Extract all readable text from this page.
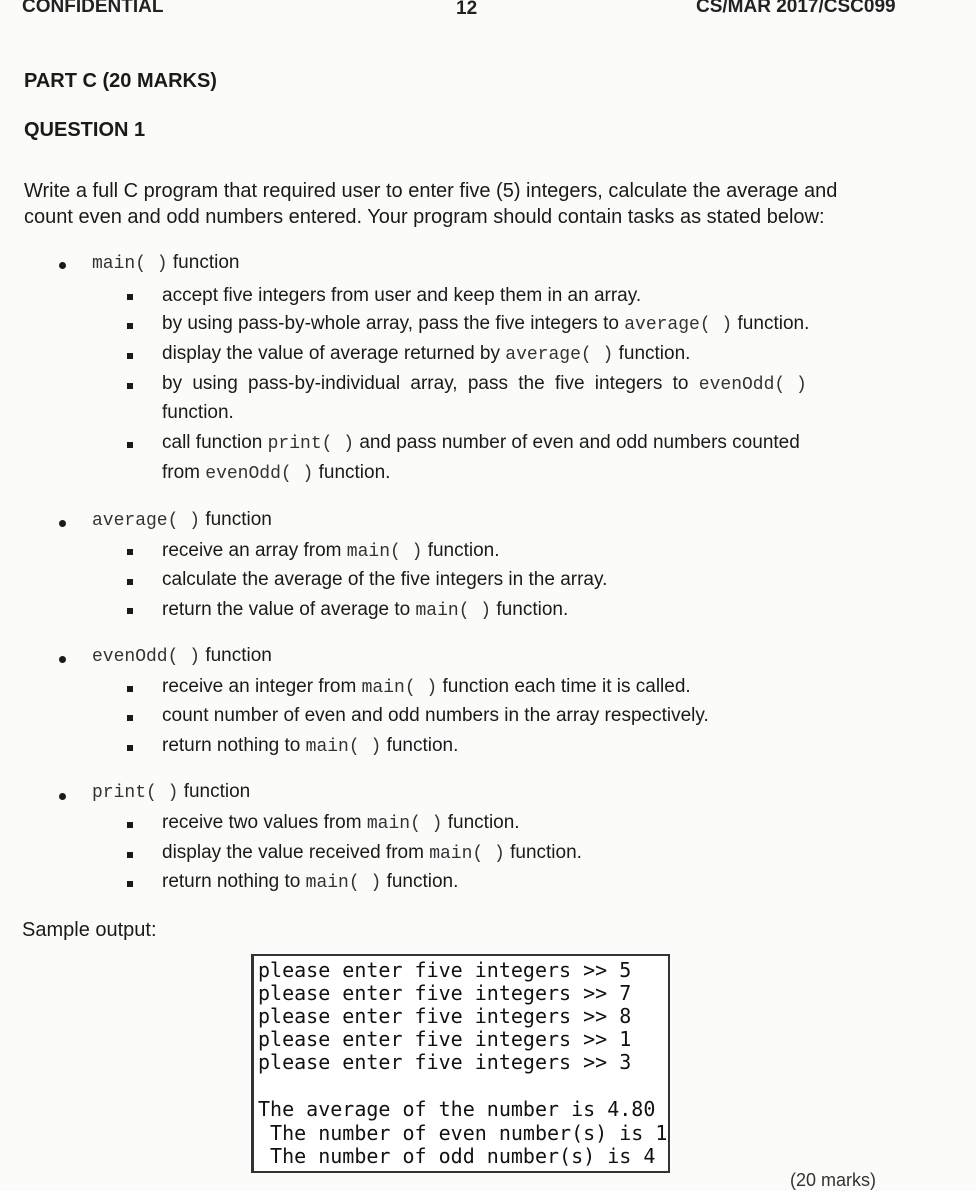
CONFIDENTIAL	12	CS/MAR 2017/CSC099
PART C (20 MARKS)
QUESTION 1
Write a full C program that required user to enter five (5) integers, calculate the average and
count even and odd numbers entered. Your program should contain tasks as stated below:
main( ) function
accept five integers from user and keep them in an array.
by using pass-by-whole array, pass the five integers to average( ) function.
display the value of average returned by average( ) function.
by using pass-by-individual array, pass the five integers to evenOdd( )
function.
call function print( ) and pass number of even and odd numbers counted
from evenOdd( ) function.
average( ) function
receive an array from main( ) function.
calculate the average of the five integers in the array.
return the value of average to main( ) function.
evenOdd( ) function
receive an integer from main( ) function each time it is called.
count number of even and odd numbers in the array respectively.
return nothing to main( ) function.
print( ) function
receive two values from main( ) function.
display the value received from main( ) function.
return nothing to main( ) function.
Sample output:
please enter five integers >> 5
please enter five integers >> 7
please enter five integers >> 8
please enter five integers >> 1
please enter five integers >> 3
The average of the number is 4.80
The number of even number(s) is 1
The number of odd number(s) is 4
(20 marks)
